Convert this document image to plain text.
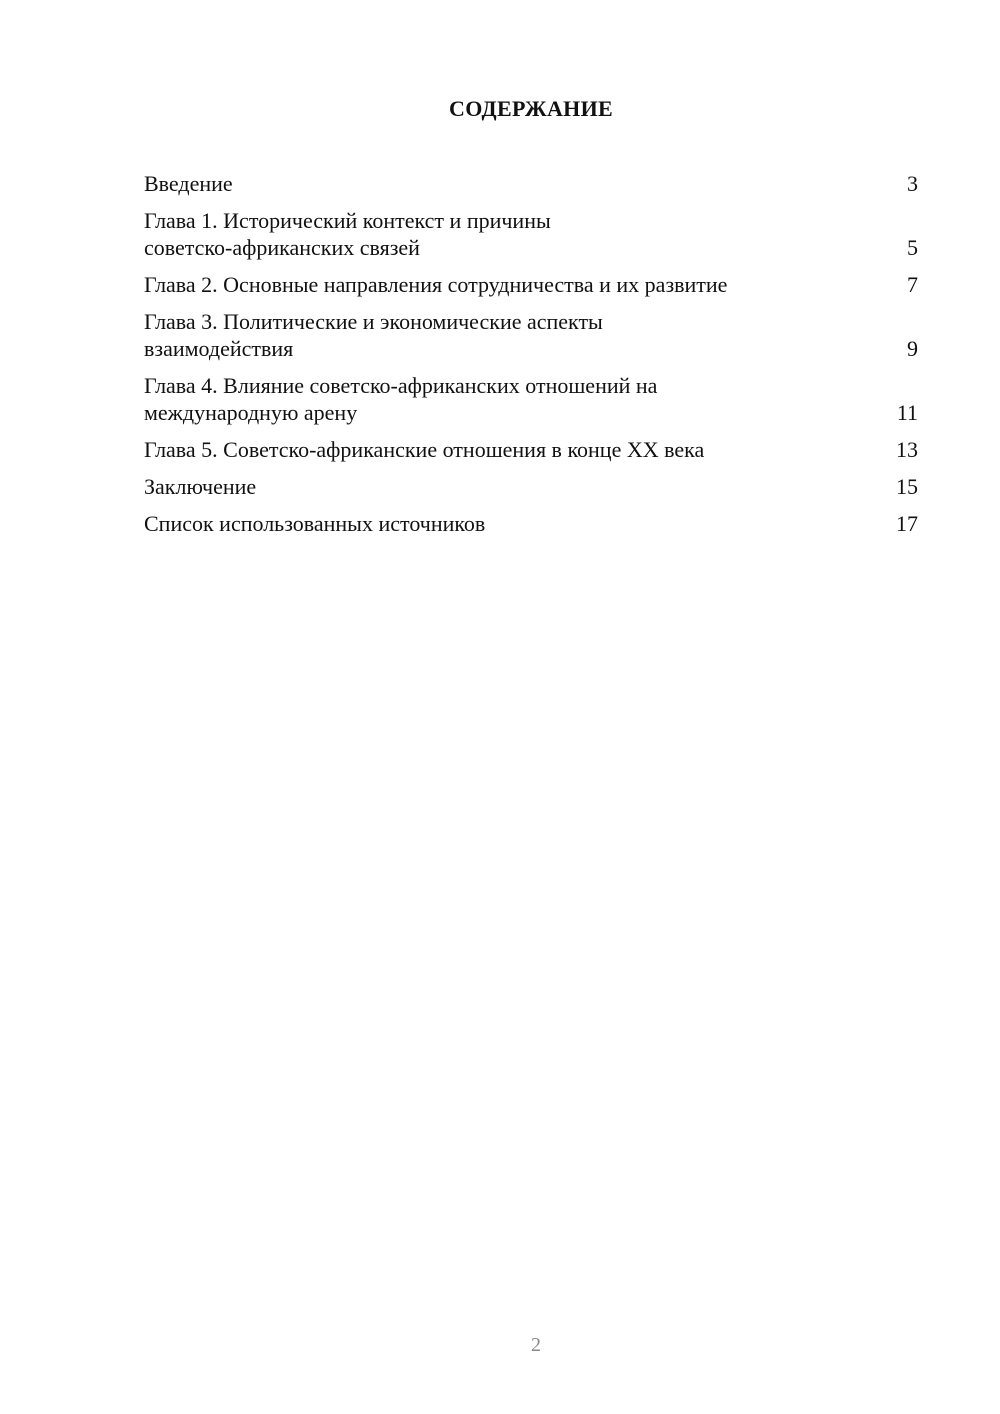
СОДЕРЖАНИЕ
Введение	3
Глава 1. Исторический контекст и причины
советско-африканских связей	5
Глава 2. Основные направления сотрудничества и их развитие	7
Глава 3. Политические и экономические аспекты
взаимодействия	9
Глава 4. Влияние советско-африканских отношений на
международную арену	11
Глава 5. Советско-африканские отношения в конце XX века	13
Заключение	15
Список использованных источников	17
2
